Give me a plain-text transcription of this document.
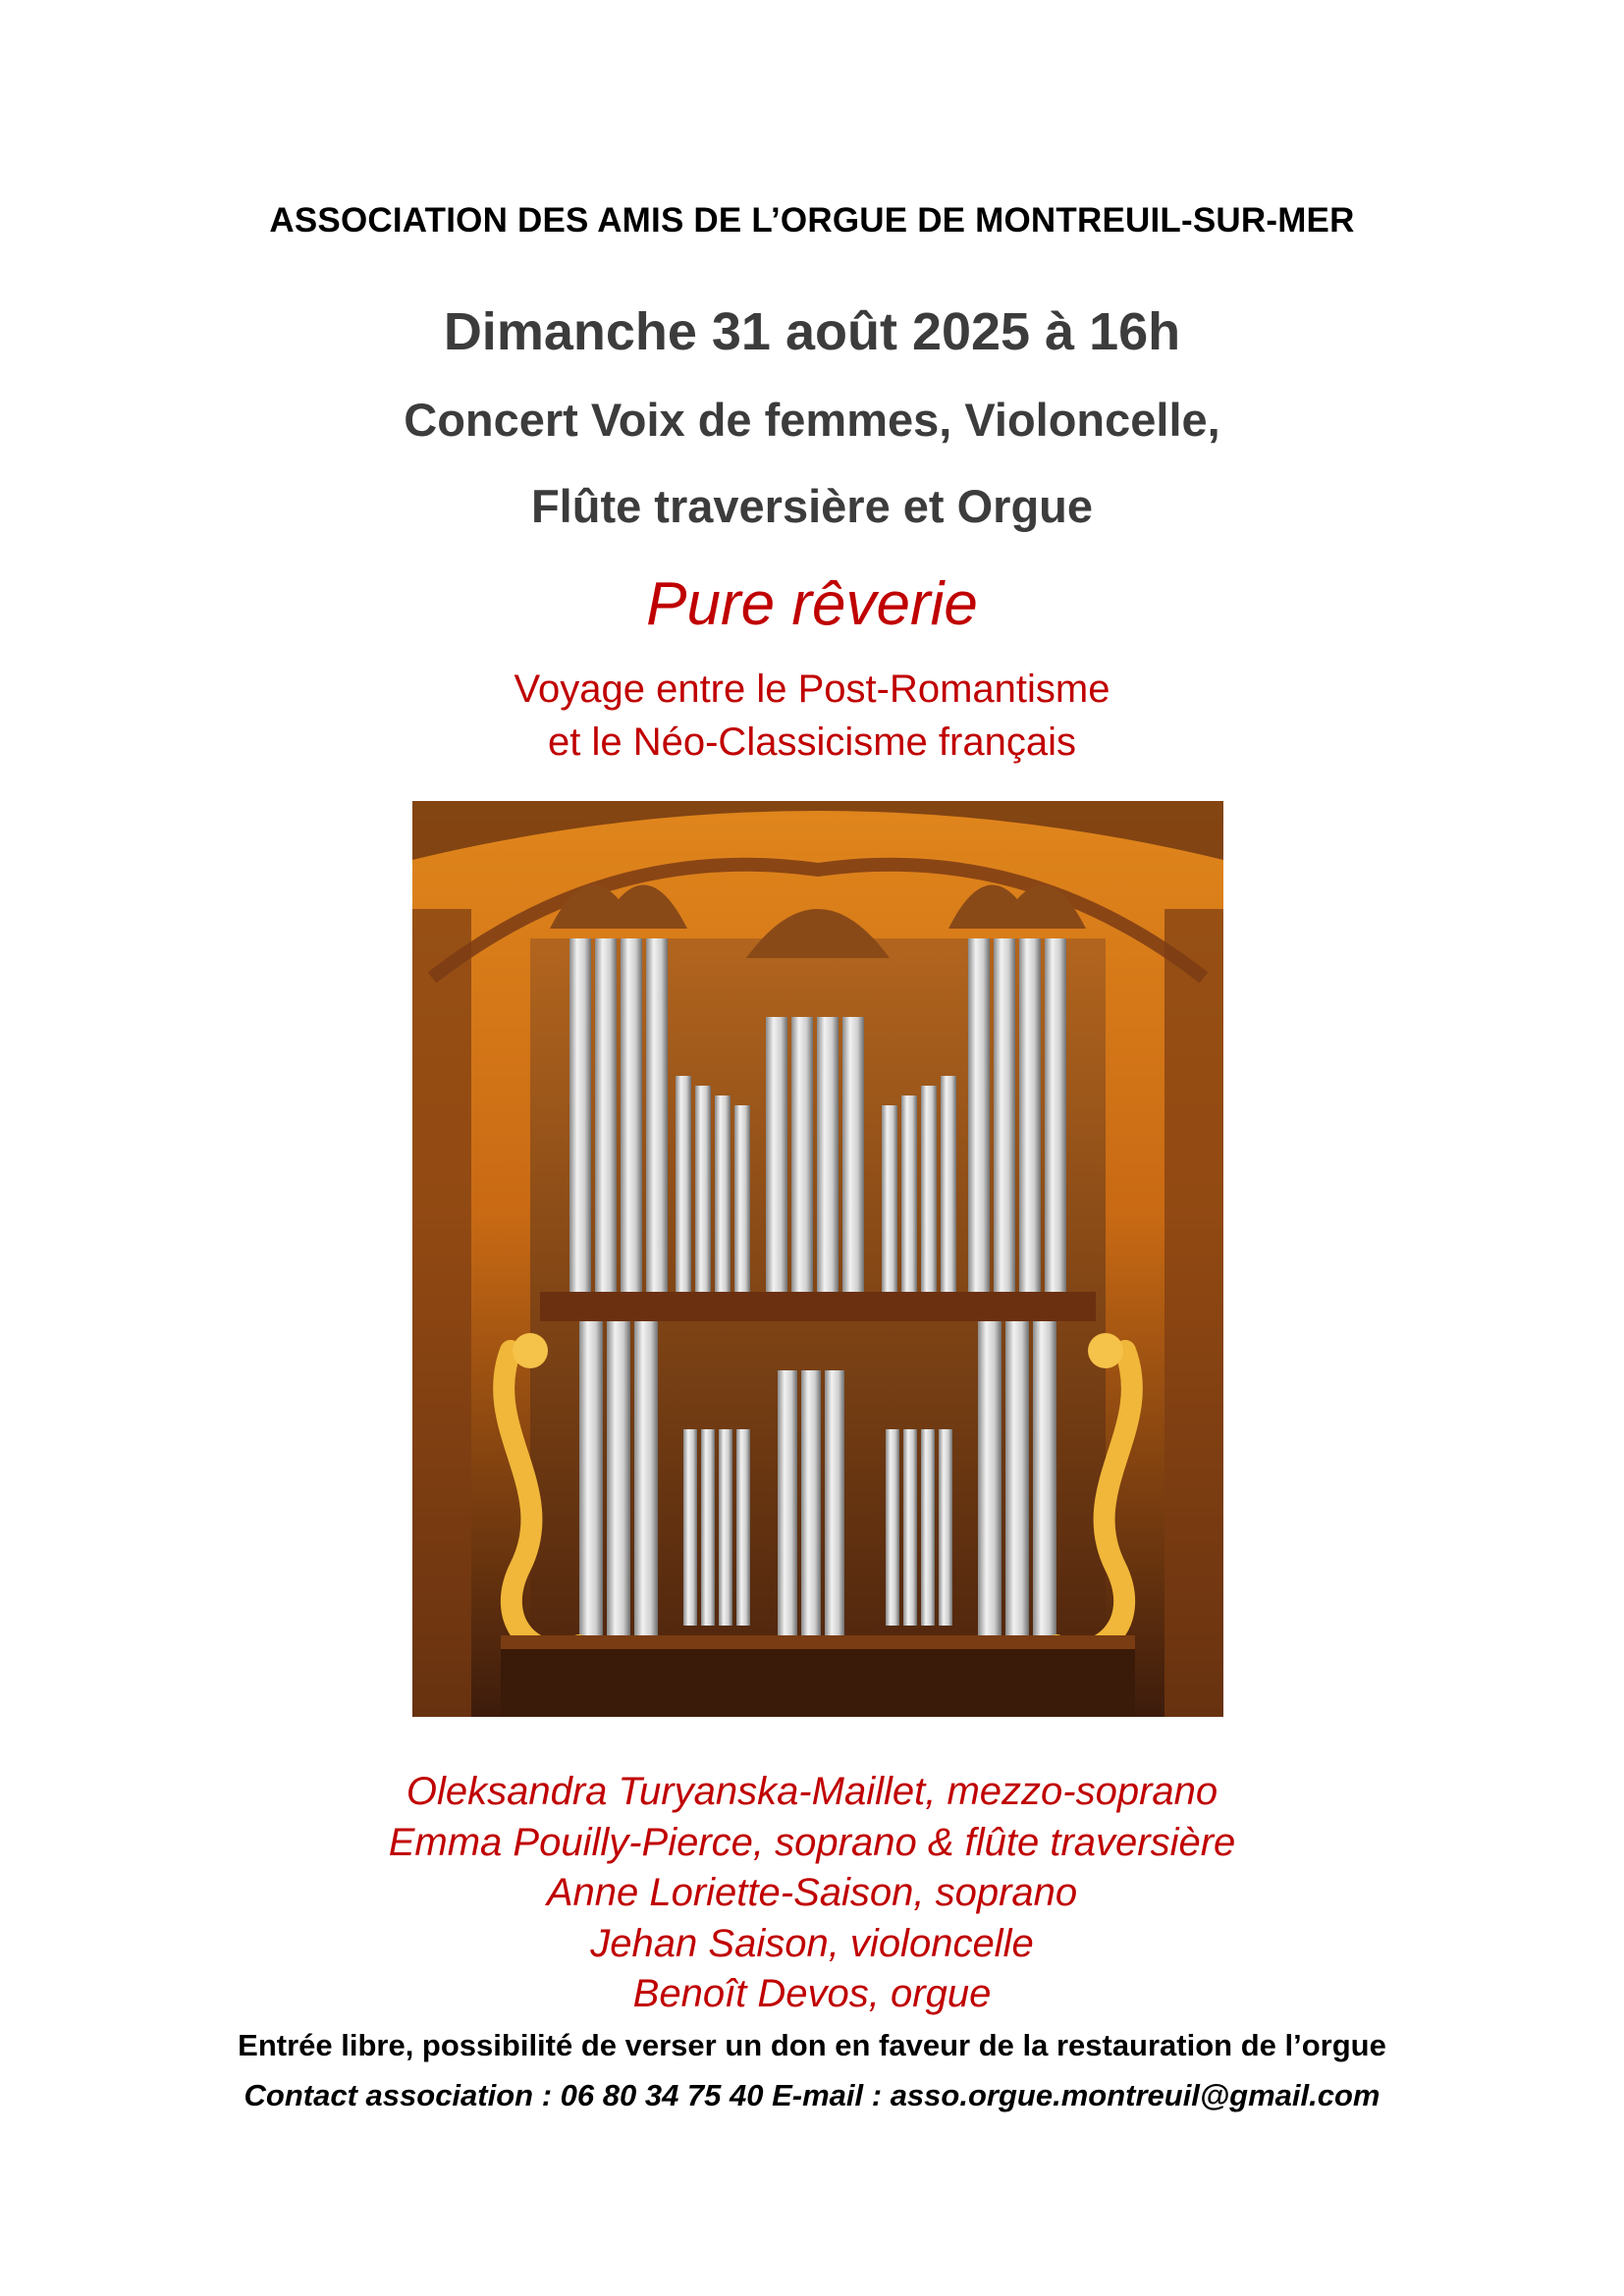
ASSOCIATION DES AMIS DE L’ORGUE DE MONTREUIL-SUR-MER
Dimanche 31 août 2025 à 16h
Concert Voix de femmes, Violoncelle,
Flûte traversière et Orgue
Pure rêverie
Voyage entre le Post-Romantisme
et le Néo-Classicisme français
Oleksandra Turyanska-Maillet, mezzo-soprano
Emma Pouilly-Pierce, soprano & flûte traversière
Anne Loriette-Saison, soprano
Jehan Saison, violoncelle
Benoît Devos, orgue
Entrée libre, possibilité de verser un don en faveur de la restauration de l’orgue
Contact association : 06 80 34 75 40 E-mail : asso.orgue.montreuil@gmail.com
